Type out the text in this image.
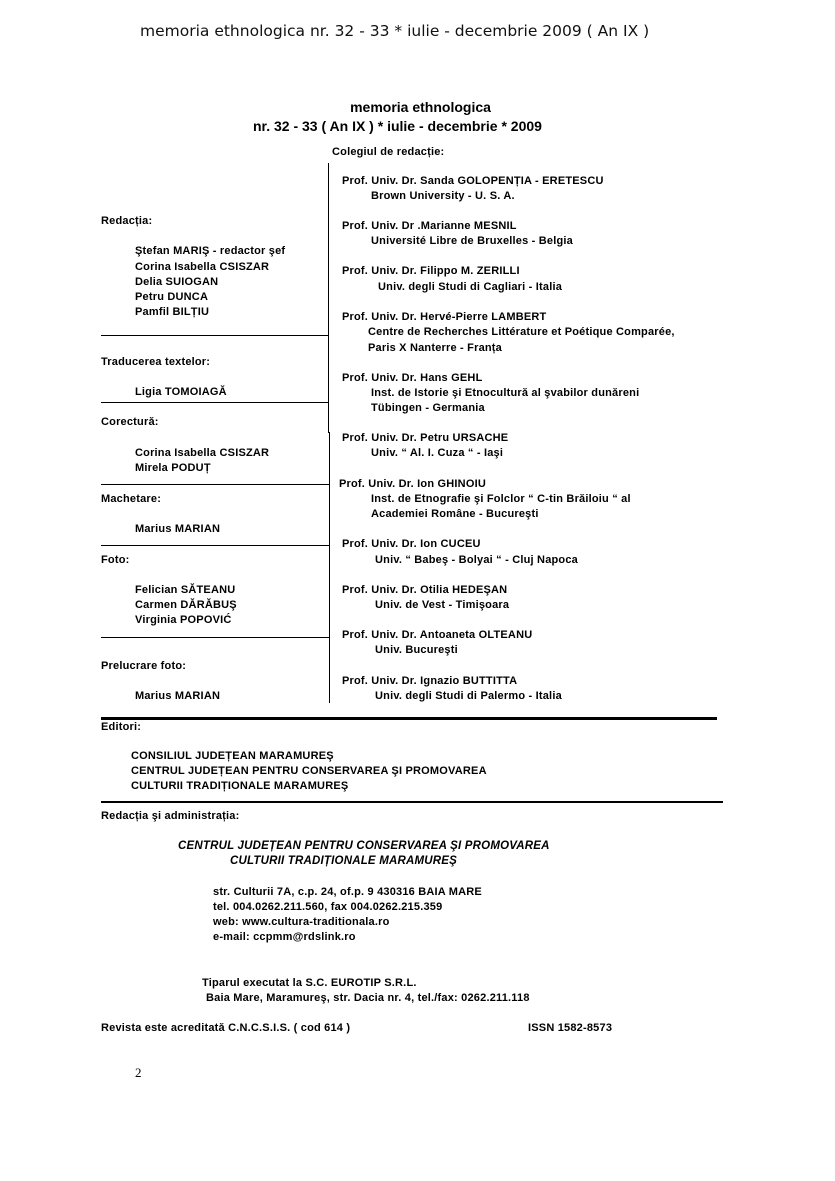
memoria ethnologica nr. 32 - 33 * iulie - decembrie 2009 ( An IX )
memoria ethnologica
nr. 32 - 33 ( An IX ) * iulie - decembrie * 2009
Colegiul de redacție:
Redacția:
Ştefan MARIŞ - redactor şef
Corina Isabella CSISZAR
Delia SUIOGAN
Petru DUNCA
Pamfil BILȚIU
Traducerea textelor:
Ligia TOMOIAGĂ
Corectură:
Corina Isabella CSISZAR
Mirela PODUȚ
Machetare:
Marius MARIAN
Foto:
Felician SĂTEANU
Carmen DĂRĂBUŞ
Virginia POPOVIĆ
Prelucrare foto:
Marius MARIAN
Prof. Univ. Dr. Sanda GOLOPENȚIA - ERETESCU
Brown University - U. S. A.
Prof. Univ. Dr .Marianne MESNIL
Université Libre de Bruxelles - Belgia
Prof. Univ. Dr. Filippo M. ZERILLI
Univ. degli Studi di Cagliari - Italia
Prof. Univ. Dr. Hervé-Pierre LAMBERT
Centre de Recherches Littérature et Poétique Comparée,
Paris X Nanterre - Franța
Prof. Univ. Dr. Hans GEHL
Inst. de Istorie şi Etnocultură al şvabilor dunăreni
Tübingen - Germania
Prof. Univ. Dr. Petru URSACHE
Univ. “ Al. I. Cuza “ - Iaşi
Prof. Univ. Dr. Ion GHINOIU
Inst. de Etnografie şi Folclor “ C-tin Brăiloiu “ al
Academiei Române - Bucureşti
Prof. Univ. Dr. Ion CUCEU
Univ. “ Babeş - Bolyai “ - Cluj Napoca
Prof. Univ. Dr. Otilia HEDEŞAN
Univ. de Vest - Timişoara
Prof. Univ. Dr. Antoaneta OLTEANU
Univ. Bucureşti
Prof. Univ. Dr. Ignazio BUTTITTA
Univ. degli Studi di Palermo - Italia
Editori:
CONSILIUL JUDEȚEAN MARAMUREŞ
CENTRUL JUDEȚEAN PENTRU CONSERVAREA ŞI PROMOVAREA
CULTURII TRADIȚIONALE MARAMUREŞ
Redacția şi administrația:
CENTRUL JUDEȚEAN PENTRU CONSERVAREA ŞI PROMOVAREA
CULTURII TRADIȚIONALE MARAMUREŞ
str. Culturii 7A, c.p. 24, of.p. 9 430316 BAIA MARE
tel. 004.0262.211.560, fax 004.0262.215.359
web: www.cultura-traditionala.ro
e-mail: ccpmm@rdslink.ro
Tiparul executat la S.C. EUROTIP S.R.L.
Baia Mare, Maramureş, str. Dacia nr. 4, tel./fax: 0262.211.118
Revista este acreditată C.N.C.S.I.S. ( cod 614 )	ISSN 1582-8573
2
